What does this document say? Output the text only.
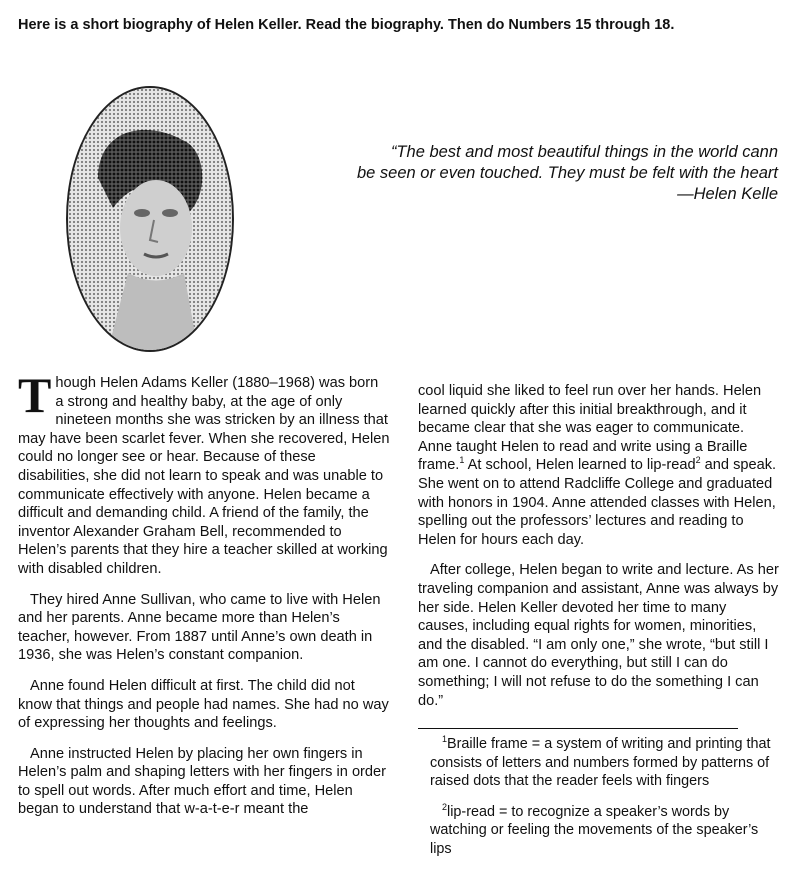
Here is a short biography of Helen Keller. Read the biography. Then do Numbers 15 through 18.
“The best and most beautiful things in the world cann
be seen or even touched. They must be felt with the heart

—Helen Kelle

Though Helen Adams Keller (1880–1968) was born a strong and healthy baby, at the age of only nineteen months she was stricken by an illness that may have been scarlet fever. When she recovered, Helen could no longer see or hear. Because of these disabilities, she did not learn to speak and was unable to communicate effectively with anyone. Helen became a difficult and demanding child. A friend of the family, the inventor Alexander Graham Bell, recommended to Helen’s parents that they hire a teacher skilled at working with disabled children.

They hired Anne Sullivan, who came to live with Helen and her parents. Anne became more than Helen’s teacher, however. From 1887 until Anne’s own death in 1936, she was Helen’s constant companion.

Anne found Helen difficult at first. The child did not know that things and people had names. She had no way of expressing her thoughts and feelings.

Anne instructed Helen by placing her own fingers in Helen’s palm and shaping letters with her fingers in order to spell out words. After much effort and time, Helen began to understand that w-a-t-e-r meant the

cool liquid she liked to feel run over her hands. Helen learned quickly after this initial breakthrough, and it became clear that she was eager to communicate. Anne taught Helen to read and write using a Braille frame.$^1$ At school, Helen learned to lip-read$^2$ and speak. She went on to attend Radcliffe College and graduated with honors in 1904. Anne attended classes with Helen, spelling out the professors’ lectures and reading to Helen for hours each day.

After college, Helen began to write and lecture. As her traveling companion and assistant, Anne was always by her side. Helen Keller devoted her time to many causes, including equal rights for women, minorities, and the disabled. “I am only one,” she wrote, “but still I am one. I cannot do everything, but still I can do something; I will not refuse to do the something I can do.”

$^1$Braille frame = a system of writing and printing that consists of letters and numbers formed by patterns of raised dots that the reader feels with fingers

$^2$lip-read = to recognize a speaker’s words by watching or feeling the movements of the speaker’s lips
